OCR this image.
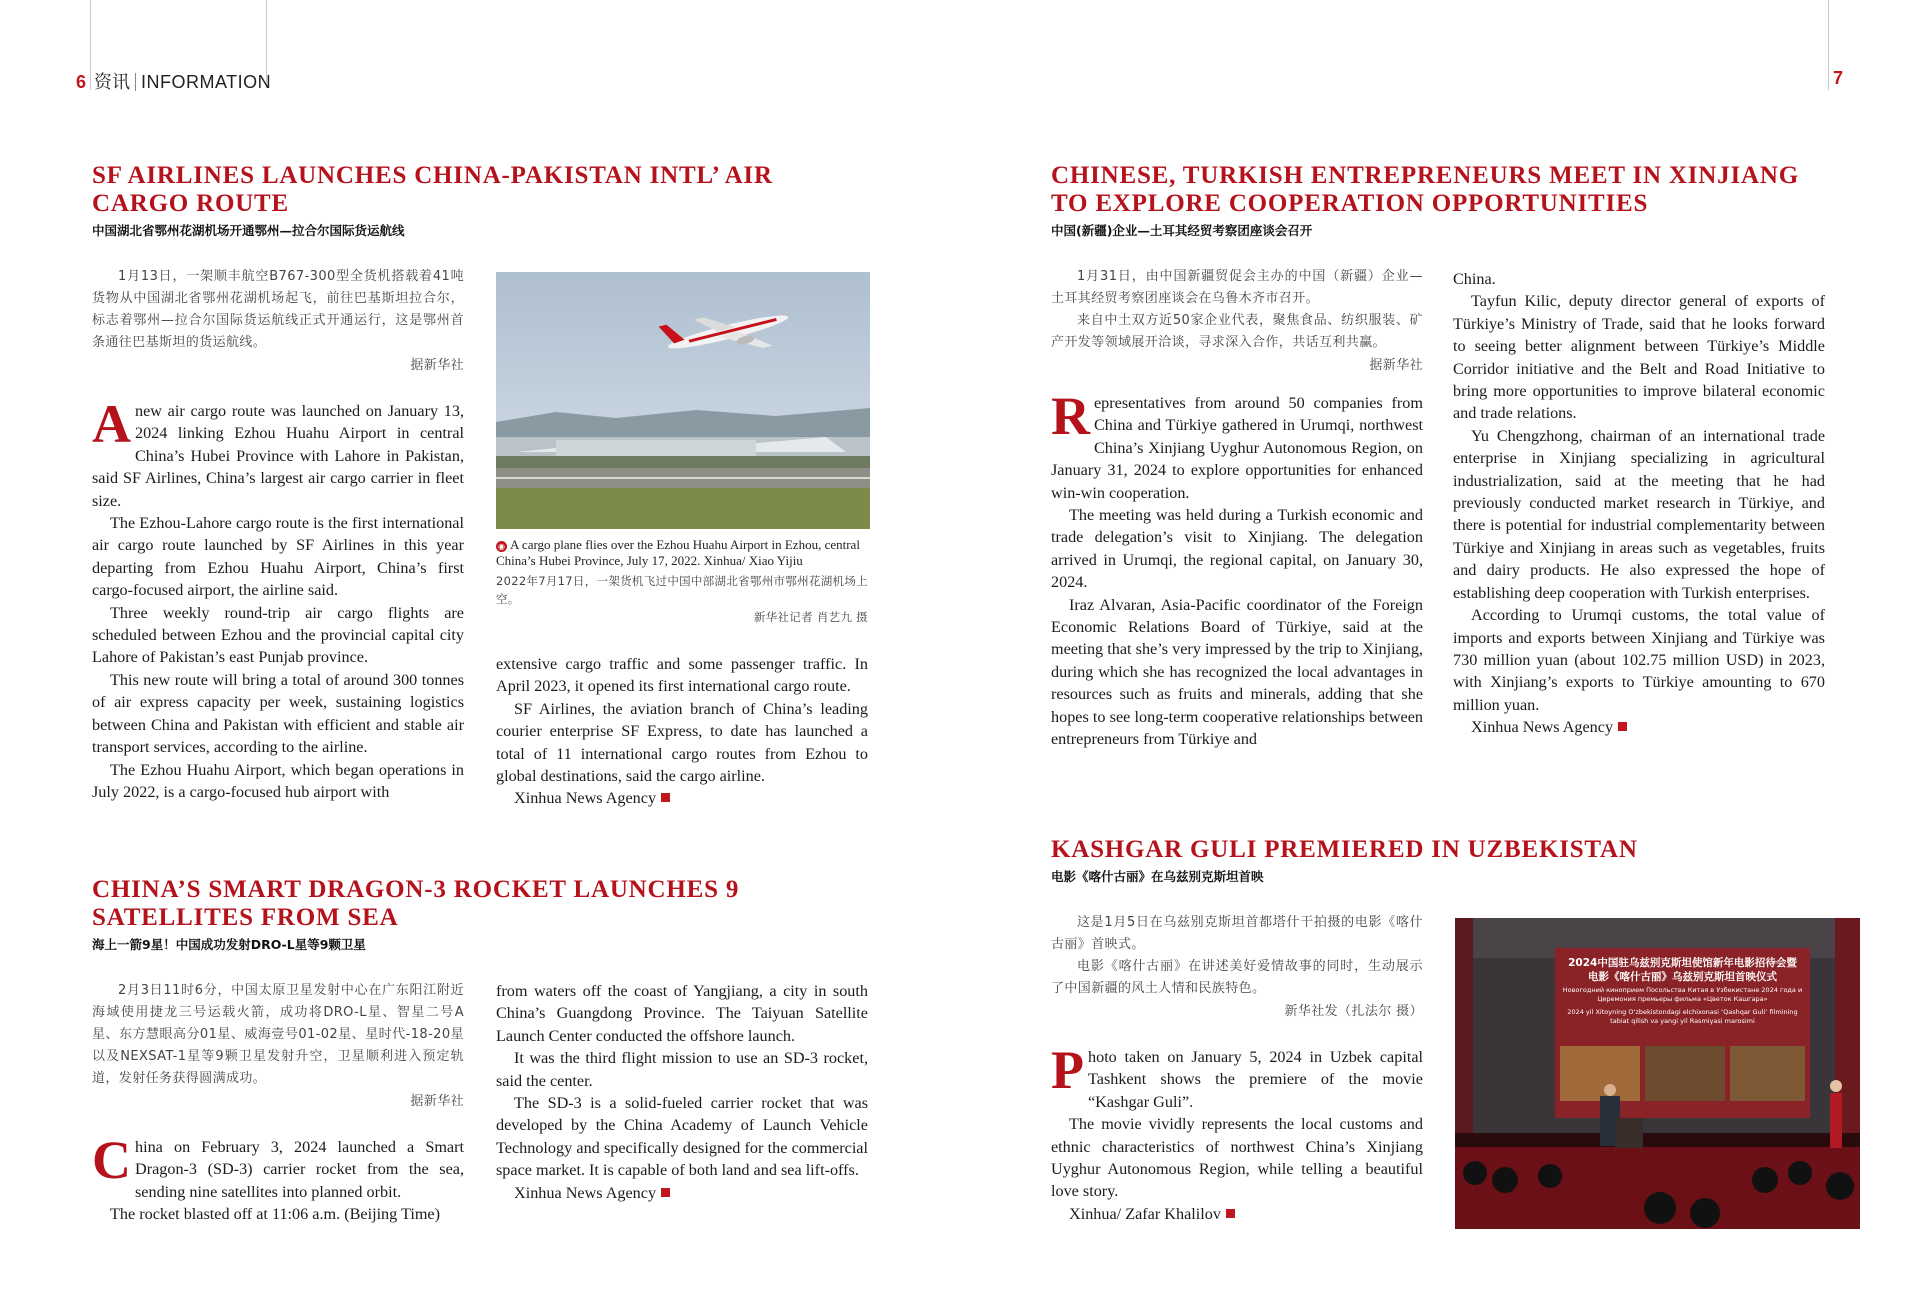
6 资讯 INFORMATION	7
SF AIRLINES LAUNCHES CHINA-PAKISTAN INTL’ AIR CARGO ROUTE
中国湖北省鄂州花湖机场开通鄂州—拉合尔国际货运航线

1月13日，一架顺丰航空B767-300型全货机搭载着41吨货物从中国湖北省鄂州花湖机场起飞，前往巴基斯坦拉合尔，标志着鄂州—拉合尔国际货运航线正式开通运行，这是鄂州首条通往巴基斯坦的货运航线。

据新华社

Anew air cargo route was launched on January 13, 2024 linking Ezhou Huahu Airport in central China’s Hubei Province with Lahore in Pakistan, said SF Airlines, China’s largest air cargo carrier in fleet size.

The Ezhou-Lahore cargo route is the first international air cargo route launched by SF Airlines in this year departing from Ezhou Huahu Airport, China’s first cargo-focused airport, the airline said.

Three weekly round-trip air cargo flights are scheduled between Ezhou and the provincial capital city Lahore of Pakistan’s east Punjab province.

This new route will bring a total of around 300 tonnes of air express capacity per week, sustaining logistics between China and Pakistan with efficient and stable air transport services, according to the airline.

The Ezhou Huahu Airport, which began operations in July 2022, is a cargo-focused hub airport with

◉ A cargo plane flies over the Ezhou Huahu Airport in Ezhou, central China’s Hubei Province, July 17, 2022. Xinhua/ Xiao Yijiu
2022年7月17日，一架货机飞过中国中部湖北省鄂州市鄂州花湖机场上空。
新华社记者 肖艺九 摄

extensive cargo traffic and some passenger traffic. In April 2023, it opened its first international cargo route.

SF Airlines, the aviation branch of China’s leading courier enterprise SF Express, to date has launched a total of 11 international cargo routes from Ezhou to global destinations, said the cargo airline.

Xinhua News Agency

CHINA’S SMART DRAGON-3 ROCKET LAUNCHES 9 SATELLITES FROM SEA
海上一箭9星！中国成功发射DRO-L星等9颗卫星

2月3日11时6分，中国太原卫星发射中心在广东阳江附近海域使用捷龙三号运载火箭，成功将DRO-L星、智星二号A星、东方慧眼高分01星、威海壹号01-02星、星时代-18-20星以及NEXSAT-1星等9颗卫星发射升空，卫星顺利进入预定轨道，发射任务获得圆满成功。

据新华社

China on February 3, 2024 launched a Smart Dragon-3 (SD-3) carrier rocket from the sea, sending nine satellites into planned orbit.

The rocket blasted off at 11:06 a.m. (Beijing Time)

from waters off the coast of Yangjiang, a city in south China’s Guangdong Province. The Taiyuan Satellite Launch Center conducted the offshore launch.

It was the third flight mission to use an SD-3 rocket, said the center.

The SD-3 is a solid-fueled carrier rocket that was developed by the China Academy of Launch Vehicle Technology and specifically designed for the commercial space market. It is capable of both land and sea lift-offs.

Xinhua News Agency

CHINESE, TURKISH ENTREPRENEURS MEET IN XINJIANG TO EXPLORE COOPERATION OPPORTUNITIES
中国(新疆)企业—土耳其经贸考察团座谈会召开

1月31日，由中国新疆贸促会主办的中国（新疆）企业—土耳其经贸考察团座谈会在乌鲁木齐市召开。

来自中土双方近50家企业代表，聚焦食品、纺织服装、矿产开发等领域展开洽谈，寻求深入合作，共话互利共赢。

据新华社

Representatives from around 50 companies from China and Türkiye gathered in Urumqi, northwest China’s Xinjiang Uyghur Autonomous Region, on January 31, 2024 to explore opportunities for enhanced win-win cooperation.

The meeting was held during a Turkish economic and trade delegation’s visit to Xinjiang. The delegation arrived in Urumqi, the regional capital, on January 30, 2024.

Iraz Alvaran, Asia-Pacific coordinator of the Foreign Economic Relations Board of Türkiye, said at the meeting that she’s very impressed by the trip to Xinjiang, during which she has recognized the local advantages in resources such as fruits and minerals, adding that she hopes to see long-term cooperative relationships between entrepreneurs from Türkiye and

China.

Tayfun Kilic, deputy director general of exports of Türkiye’s Ministry of Trade, said that he looks forward to seeing better alignment between Türkiye’s Middle Corridor initiative and the Belt and Road Initiative to bring more opportunities to improve bilateral economic and trade relations.

Yu Chengzhong, chairman of an international trade enterprise in Xinjiang specializing in agricultural industrialization, said at the meeting that he had previously conducted market research in Türkiye, and there is potential for industrial complementarity between Türkiye and Xinjiang in areas such as vegetables, fruits and dairy products. He also expressed the hope of establishing deep cooperation with Turkish enterprises.

According to Urumqi customs, the total value of imports and exports between Xinjiang and Türkiye was 730 million yuan (about 102.75 million USD) in 2023, with Xinjiang’s exports to Türkiye amounting to 670 million yuan.

Xinhua News Agency

KASHGAR GULI PREMIERED IN UZBEKISTAN
电影《喀什古丽》在乌兹别克斯坦首映

这是1月5日在乌兹别克斯坦首都塔什干拍摄的电影《喀什古丽》首映式。

电影《喀什古丽》在讲述美好爱情故事的同时，生动展示了中国新疆的风土人情和民族特色。

新华社发（扎法尔 摄）

Photo taken on January 5, 2024 in Uzbek capital Tashkent shows the premiere of the movie “Kashgar Guli”.

The movie vividly represents the local customs and ethnic characteristics of northwest China’s Xinjiang Uyghur Autonomous Region, while telling a beautiful love story.

Xinhua/ Zafar Khalilov

2024中国驻乌兹别克斯坦使馆新年电影招待会暨
电影《喀什古丽》乌兹别克斯坦首映仪式
Новогодний киноприем Посольства Китая в Узбекистане 2024 года и
Церемония премьеры фильма «Цветок Кашгара»
2024 yil Xitoyning O‘zbekistondagi elchixonasi ‘Qashqar Guli’ filmining
tabiat qilish va yangi yil Rasmiyasi marosimi
